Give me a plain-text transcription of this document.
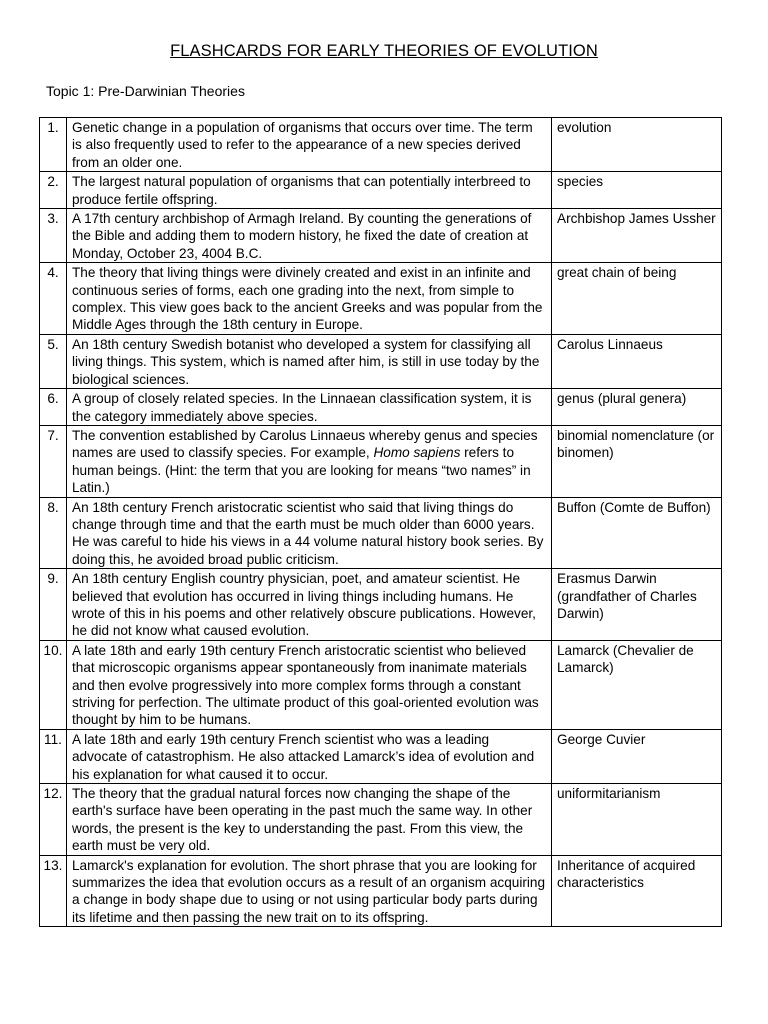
FLASHCARDS FOR EARLY THEORIES OF EVOLUTION
Topic 1: Pre-Darwinian Theories
1.	Genetic change in a population of organisms that occurs over time. The term is also frequently used to refer to the appearance of a new species derived from an older one.	evolution
2.	The largest natural population of organisms that can potentially interbreed to produce fertile offspring.	species
3.	A 17th century archbishop of Armagh Ireland. By counting the generations of the Bible and adding them to modern history, he fixed the date of creation at Monday, October 23, 4004 B.C.	Archbishop James Ussher
4.	The theory that living things were divinely created and exist in an infinite and continuous series of forms, each one grading into the next, from simple to complex. This view goes back to the ancient Greeks and was popular from the Middle Ages through the 18th century in Europe.	great chain of being
5.	An 18th century Swedish botanist who developed a system for classifying all living things. This system, which is named after him, is still in use today by the biological sciences.	Carolus Linnaeus
6.	A group of closely related species. In the Linnaean classification system, it is the category immediately above species.	genus (plural genera)
7.	The convention established by Carolus Linnaeus whereby genus and species names are used to classify species. For example, Homo sapiens refers to human beings. (Hint: the term that you are looking for means “two names” in Latin.)	binomial nomenclature (or binomen)
8.	An 18th century French aristocratic scientist who said that living things do change through time and that the earth must be much older than 6000 years. He was careful to hide his views in a 44 volume natural history book series. By doing this, he avoided broad public criticism.	Buffon (Comte de Buffon)
9.	An 18th century English country physician, poet, and amateur scientist. He believed that evolution has occurred in living things including humans. He wrote of this in his poems and other relatively obscure publications. However, he did not know what caused evolution.	Erasmus Darwin (grandfather of Charles Darwin)
10.	A late 18th and early 19th century French aristocratic scientist who believed that microscopic organisms appear spontaneously from inanimate materials and then evolve progressively into more complex forms through a constant striving for perfection. The ultimate product of this goal-oriented evolution was thought by him to be humans.	Lamarck (Chevalier de Lamarck)
11.	A late 18th and early 19th century French scientist who was a leading advocate of catastrophism. He also attacked Lamarck’s idea of evolution and his explanation for what caused it to occur.	George Cuvier
12.	The theory that the gradual natural forces now changing the shape of the earth's surface have been operating in the past much the same way. In other words, the present is the key to understanding the past. From this view, the earth must be very old.	uniformitarianism
13.	Lamarck's explanation for evolution. The short phrase that you are looking for summarizes the idea that evolution occurs as a result of an organism acquiring a change in body shape due to using or not using particular body parts during its lifetime and then passing the new trait on to its offspring.	Inheritance of acquired characteristics
